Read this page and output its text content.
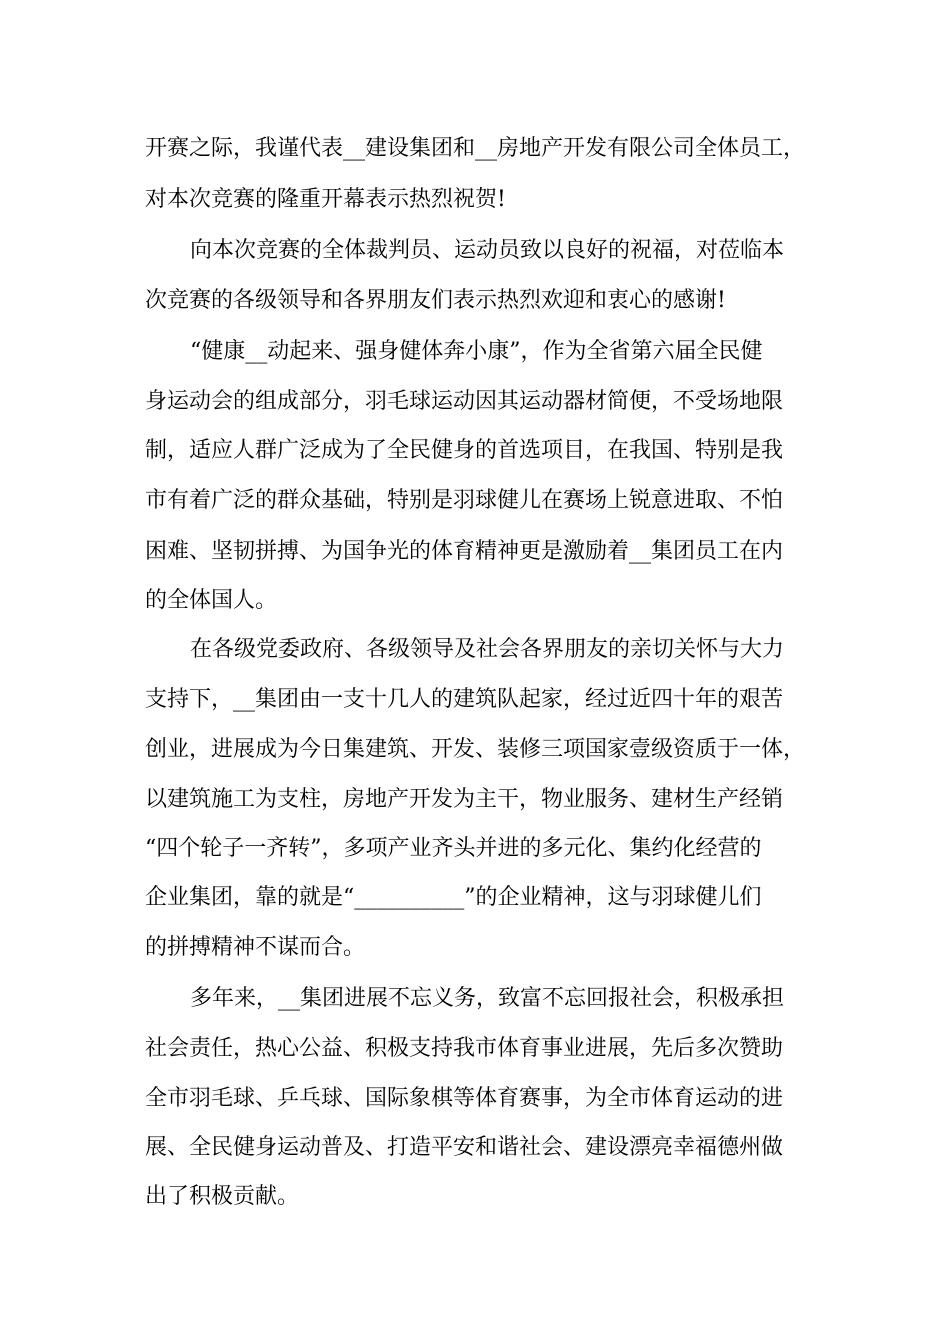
开赛之际，我谨代表__建设集团和__房地产开发有限公司全体员工，
对本次竞赛的隆重开幕表示热烈祝贺!
向本次竞赛的全体裁判员、运动员致以良好的祝福，对莅临本
次竞赛的各级领导和各界朋友们表示热烈欢迎和衷心的感谢!
“健康__动起来、强身健体奔小康”，作为全省第六届全民健
身运动会的组成部分，羽毛球运动因其运动器材简便，不受场地限
制，适应人群广泛成为了全民健身的首选项目，在我国、特别是我
市有着广泛的群众基础，特别是羽球健儿在赛场上锐意进取、不怕
困难、坚韧拼搏、为国争光的体育精神更是激励着__集团员工在内
的全体国人。
在各级党委政府、各级领导及社会各界朋友的亲切关怀与大力
支持下，__集团由一支十几人的建筑队起家，经过近四十年的艰苦
创业，进展成为今日集建筑、开发、装修三项国家壹级资质于一体，
以建筑施工为支柱，房地产开发为主干，物业服务、建材生产经销
“四个轮子一齐转”，多项产业齐头并进的多元化、集约化经营的
企业集团，靠的就是“__________”的企业精神，这与羽球健儿们
的拼搏精神不谋而合。
多年来，__集团进展不忘义务，致富不忘回报社会，积极承担
社会责任，热心公益、积极支持我市体育事业进展，先后多次赞助
全市羽毛球、乒乓球、国际象棋等体育赛事，为全市体育运动的进
展、全民健身运动普及、打造平安和谐社会、建设漂亮幸福德州做
出了积极贡献。
